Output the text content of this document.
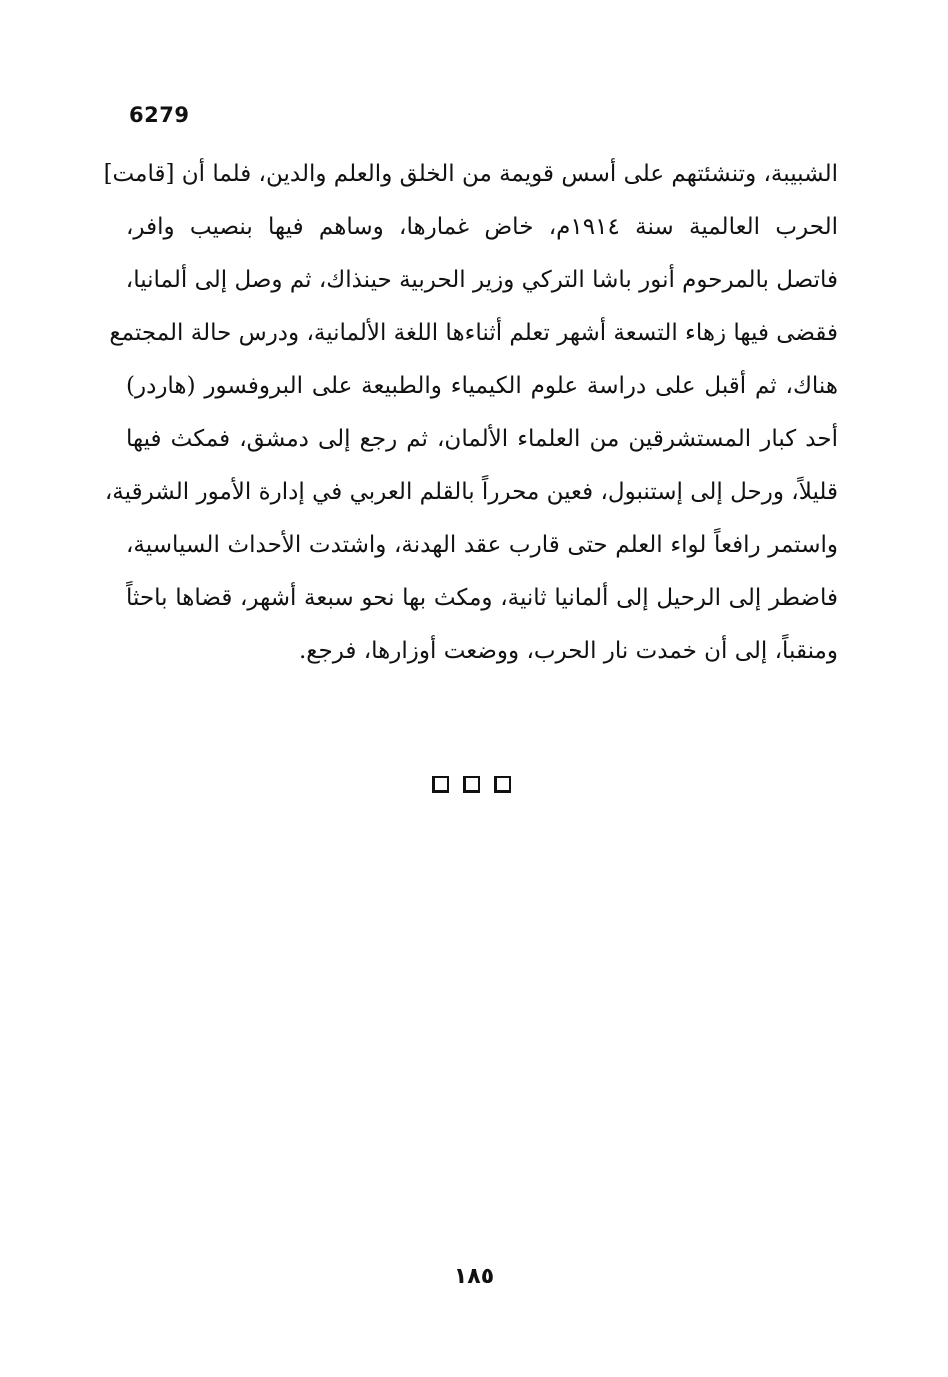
6279
الشبيبة، وتنشئتهم على أسس قويمة من الخلق والعلم والدين، فلما أن [قامت]
الحرب العالمية سنة ١٩١٤م، خاض غمارها، وساهم فيها بنصيب وافر،
فاتصل بالمرحوم أنور باشا التركي وزير الحربية حينذاك، ثم وصل إلى ألمانيا،
فقضى فيها زهاء التسعة أشهر تعلم أثناءها اللغة الألمانية، ودرس حالة المجتمع
هناك، ثم أقبل على دراسة علوم الكيمياء والطبيعة على البروفسور (هاردر)
أحد كبار المستشرقين من العلماء الألمان، ثم رجع إلى دمشق، فمكث فيها
قليلاً، ورحل إلى إستنبول، فعين محرراً بالقلم العربي في إدارة الأمور الشرقية،
واستمر رافعاً لواء العلم حتى قارب عقد الهدنة، واشتدت الأحداث السياسية،
فاضطر إلى الرحيل إلى ألمانيا ثانية، ومكث بها نحو سبعة أشهر، قضاها باحثاً
ومنقباً، إلى أن خمدت نار الحرب، ووضعت أوزارها، فرجع.
١٨٥
